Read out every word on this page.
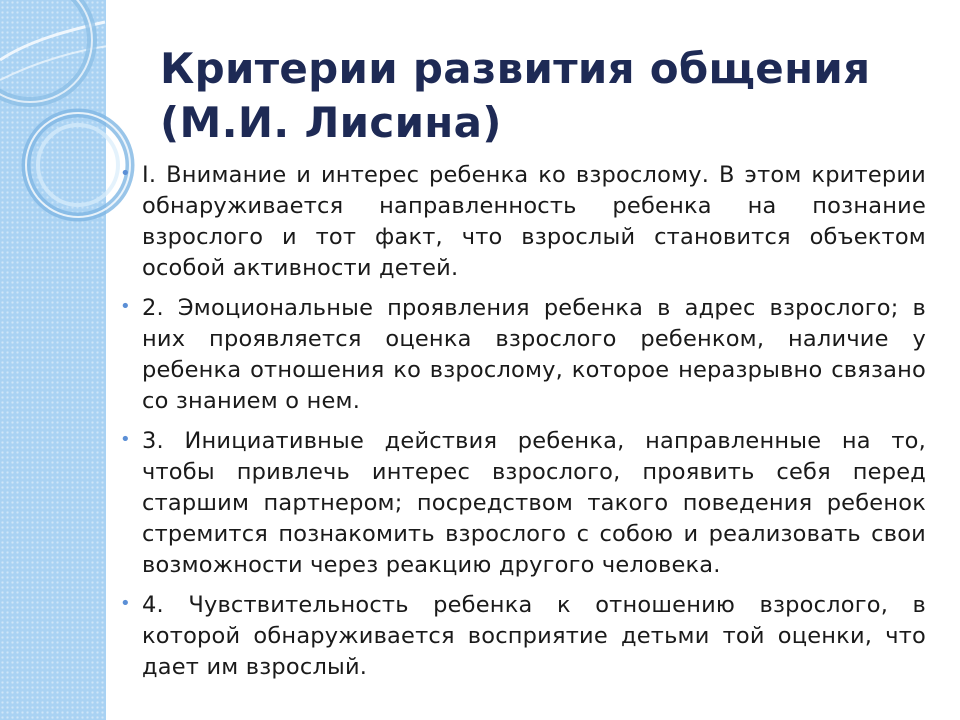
Критерии развития общения
(М.И. Лисина)
• I. Внимание и интерес ребенка ко взрослому. В этом критерии обнаруживается направленность ребенка на познание взрослого и тот факт, что взрослый становится объектом особой активности детей.
• 2. Эмоциональные проявления ребенка в адрес взрослого; в них проявляется оценка взрослого ребенком, наличие у ребенка отношения ко взрослому, которое неразрывно связано со знанием о нем.
• 3. Инициативные действия ребенка, направленные на то, чтобы привлечь интерес взрослого, проявить себя перед старшим партнером; посредством такого поведения ребенок стремится познакомить взрослого с собою и реализовать свои возможности через реакцию другого человека.
• 4. Чувствительность ребенка к отношению взрослого, в которой обнаруживается восприятие детьми той оценки, что дает им взрослый.
